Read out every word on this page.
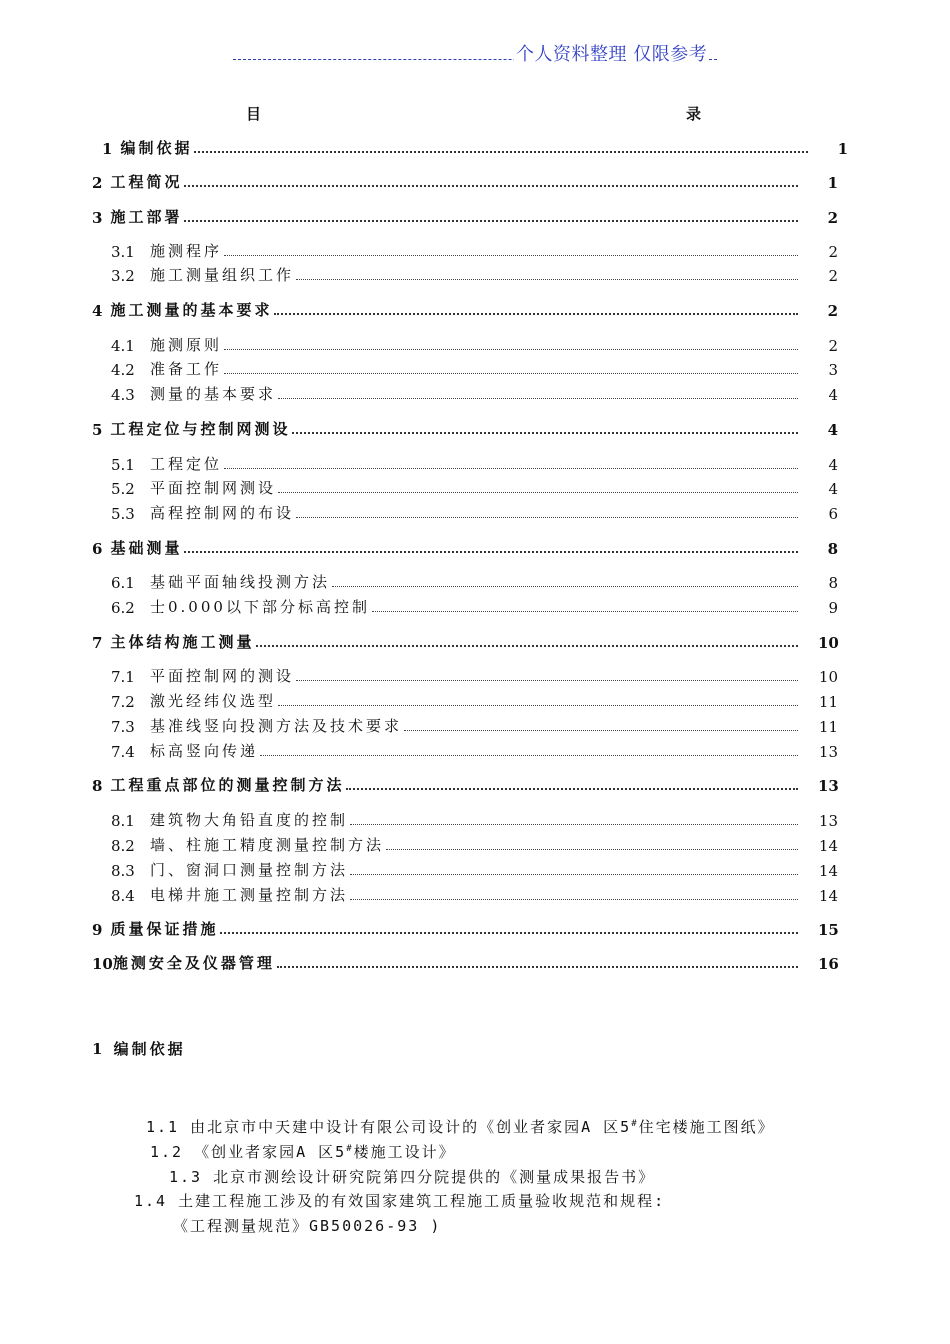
个人资料整理 仅限参考
目	录
1 编制依据	1
2 工程简况	1
3 施工部署	2
3.1	施测程序	2
3.2	施工测量组织工作	2
4 施工测量的基本要求	2
4.1	施测原则	2
4.2	准备工作	3
4.3	测量的基本要求	4
5 工程定位与控制网测设	4
5.1	工程定位	4
5.2	平面控制网测设	4
5.3	高程控制网的布设	6
6 基础测量	8
6.1	基础平面轴线投测方法	8
6.2	士0.000以下部分标高控制	9
7 主体结构施工测量	10
7.1	平面控制网的测设	10
7.2	激光经纬仪选型	11
7.3	基准线竖向投测方法及技术要求	11
7.4	标高竖向传递	13
8 工程重点部位的测量控制方法	13
8.1	建筑物大角铅直度的控制	13
8.2	墙、柱施工精度测量控制方法	14
8.3	门、窗洞口测量控制方法	14
8.4	电梯井施工测量控制方法	14
9 质量保证措施	15
10 施测安全及仪器管理	16
1 编制依据
1.1 由北京市中天建中设计有限公司设计的《创业者家园A 区5#住宅楼施工图纸》
1.2 《创业者家园A 区5#楼施工设计》
1.3 北京市测绘设计研究院第四分院提供的《测量成果报告书》
1.4 土建工程施工涉及的有效国家建筑工程施工质量验收规范和规程:
《工程测量规范》GB50026-93 )
